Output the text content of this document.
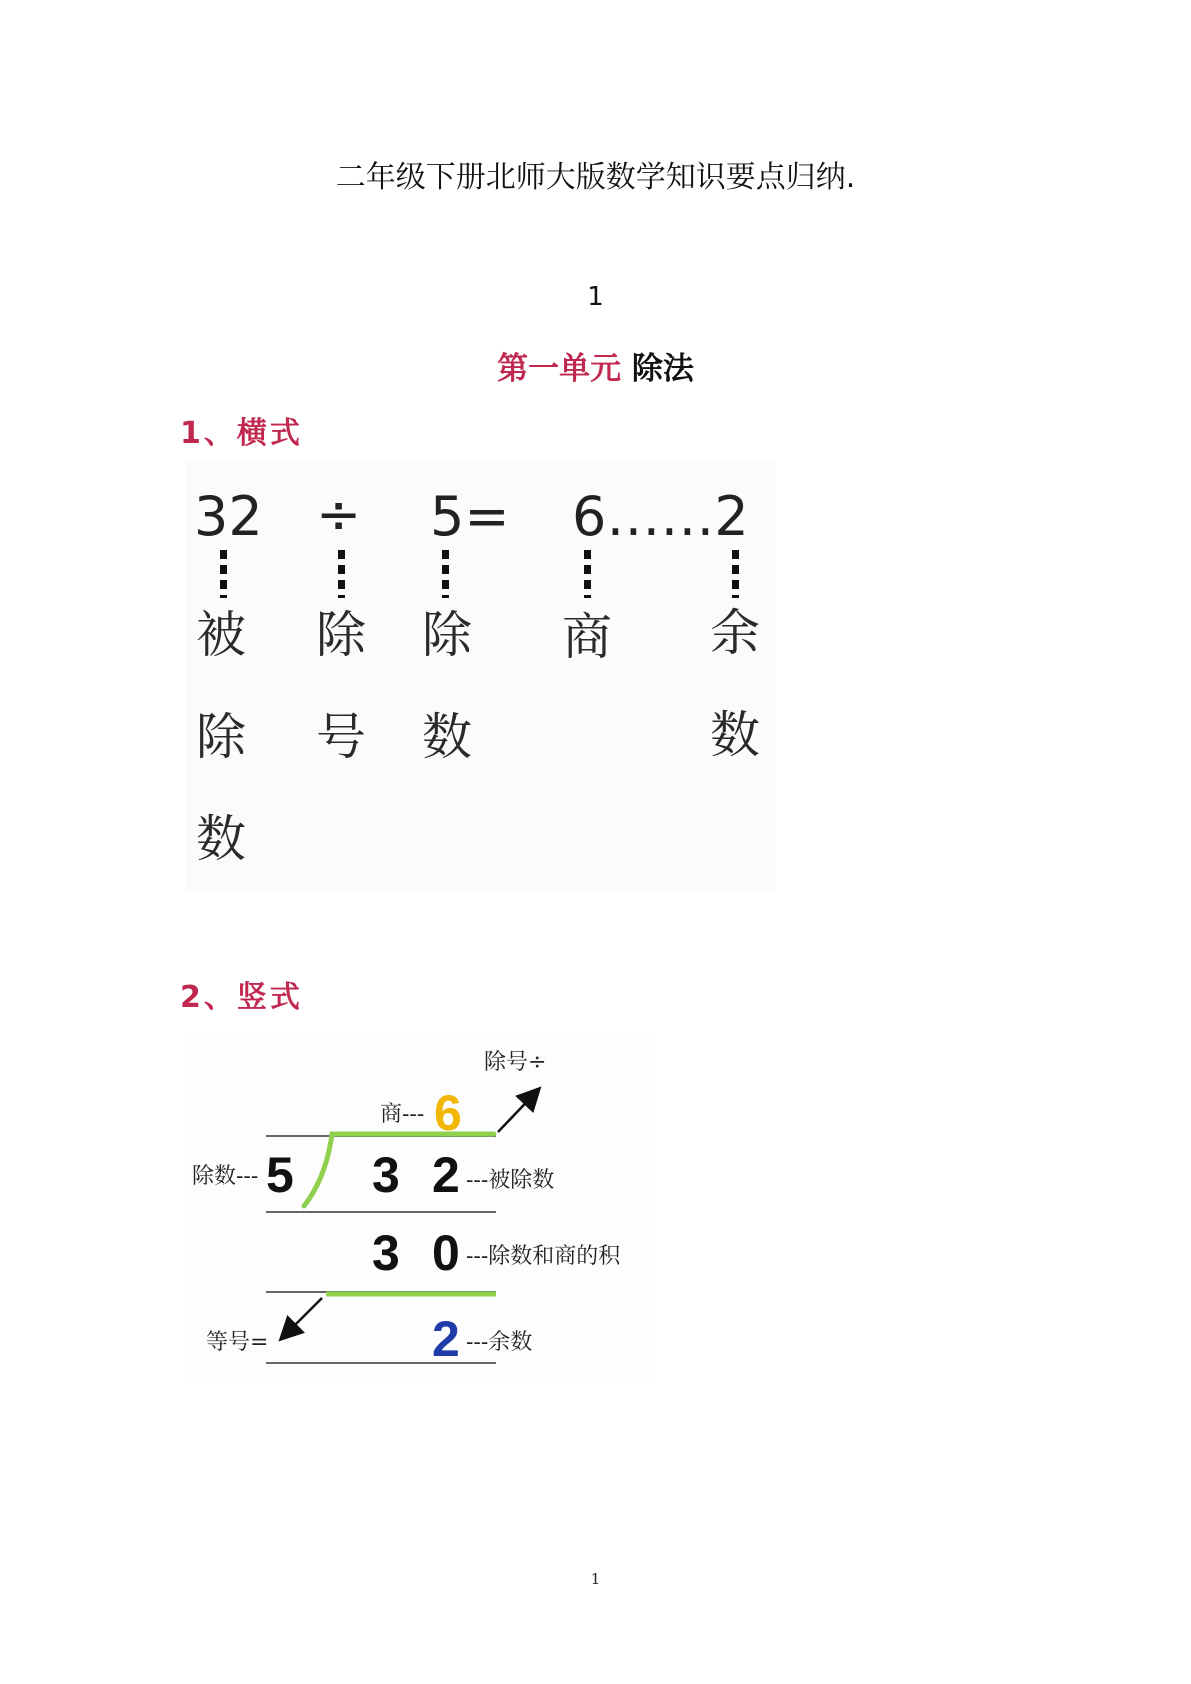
二年级下册北师大版数学知识要点归纳.
1
第一单元 除法
1、横式
32 ÷ 5= 6……2
被
除
数
除
号
除
数
商 余
数
2、竖式
除号÷
商--- 6
除数--- 5 3 2 ---被除数
3 0 ---除数和商的积
等号=	2 ---余数
1
